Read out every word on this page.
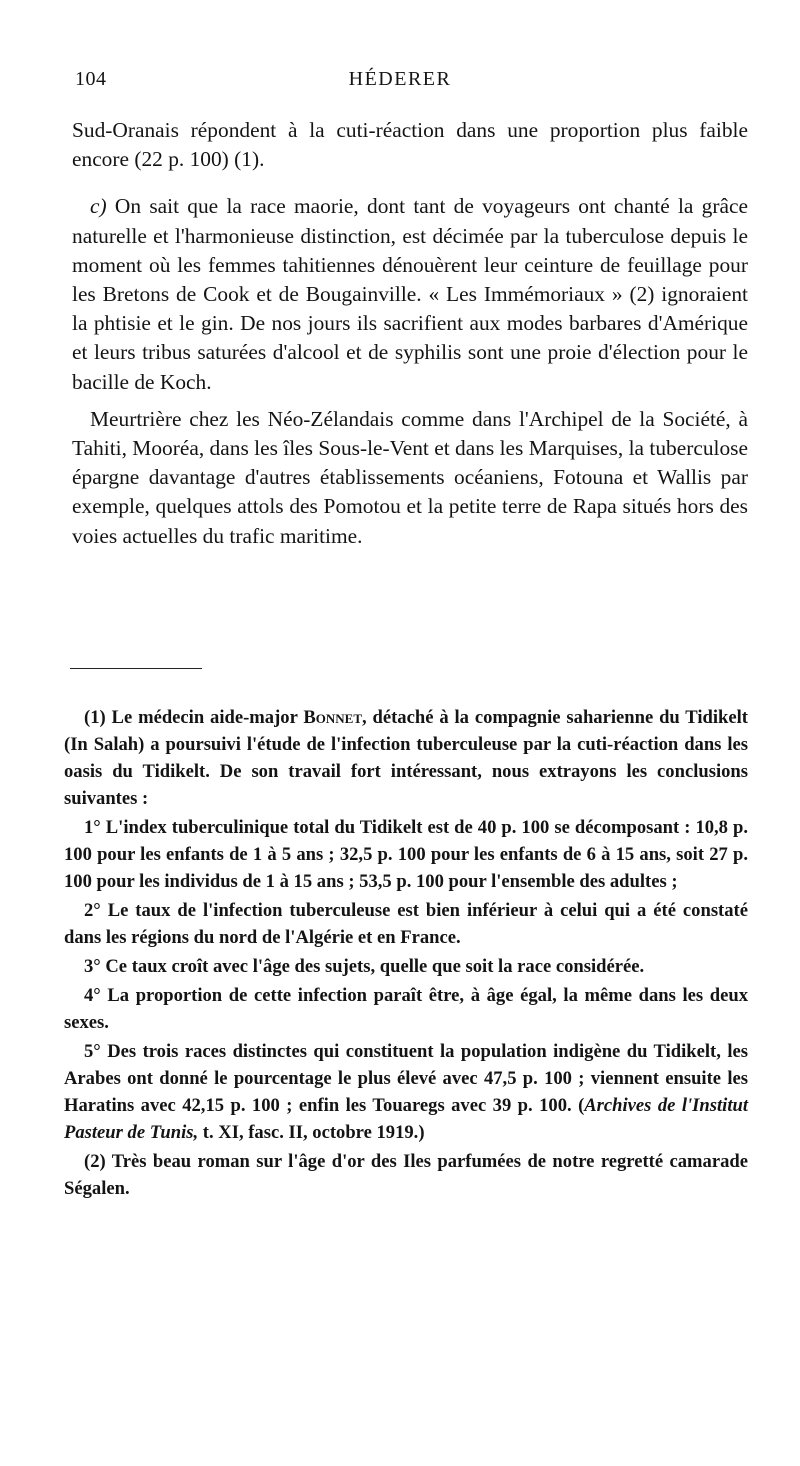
104	HÉDERER

Sud-Oranais répondent à la cuti-réaction dans une proportion plus faible encore (22 p. 100) (1).

c) On sait que la race maorie, dont tant de voyageurs ont chanté la grâce naturelle et l'harmonieuse distinction, est décimée par la tuberculose depuis le moment où les femmes tahitiennes dénouèrent leur ceinture de feuillage pour les Bretons de Cook et de Bougainville. « Les Immémoriaux » (2) ignoraient la phtisie et le gin. De nos jours ils sacrifient aux modes barbares d'Amérique et leurs tribus saturées d'alcool et de syphilis sont une proie d'élection pour le bacille de Koch.

Meurtrière chez les Néo-Zélandais comme dans l'Archipel de la Société, à Tahiti, Mooréa, dans les îles Sous-le-Vent et dans les Marquises, la tuberculose épargne davantage d'autres établissements océaniens, Fotouna et Wallis par exemple, quelques attols des Pomotou et la petite terre de Rapa situés hors des voies actuelles du trafic maritime.

(1) Le médecin aide-major Bonnet, détaché à la compagnie saharienne du Tidikelt (In Salah) a poursuivi l'étude de l'infection tuberculeuse par la cuti-réaction dans les oasis du Tidikelt. De son travail fort intéressant, nous extrayons les conclusions suivantes :

1° L'index tuberculinique total du Tidikelt est de 40 p. 100 se décomposant : 10,8 p. 100 pour les enfants de 1 à 5 ans ; 32,5 p. 100 pour les enfants de 6 à 15 ans, soit 27 p. 100 pour les individus de 1 à 15 ans ; 53,5 p. 100 pour l'ensemble des adultes ;

2° Le taux de l'infection tuberculeuse est bien inférieur à celui qui a été constaté dans les régions du nord de l'Algérie et en France.

3° Ce taux croît avec l'âge des sujets, quelle que soit la race considérée.

4° La proportion de cette infection paraît être, à âge égal, la même dans les deux sexes.

5° Des trois races distinctes qui constituent la population indigène du Tidikelt, les Arabes ont donné le pourcentage le plus élevé avec 47,5 p. 100 ; viennent ensuite les Haratins avec 42,15 p. 100 ; enfin les Touaregs avec 39 p. 100. (Archives de l'Institut Pasteur de Tunis, t. XI, fasc. II, octobre 1919.)

(2) Très beau roman sur l'âge d'or des Iles parfumées de notre regretté camarade Ségalen.
